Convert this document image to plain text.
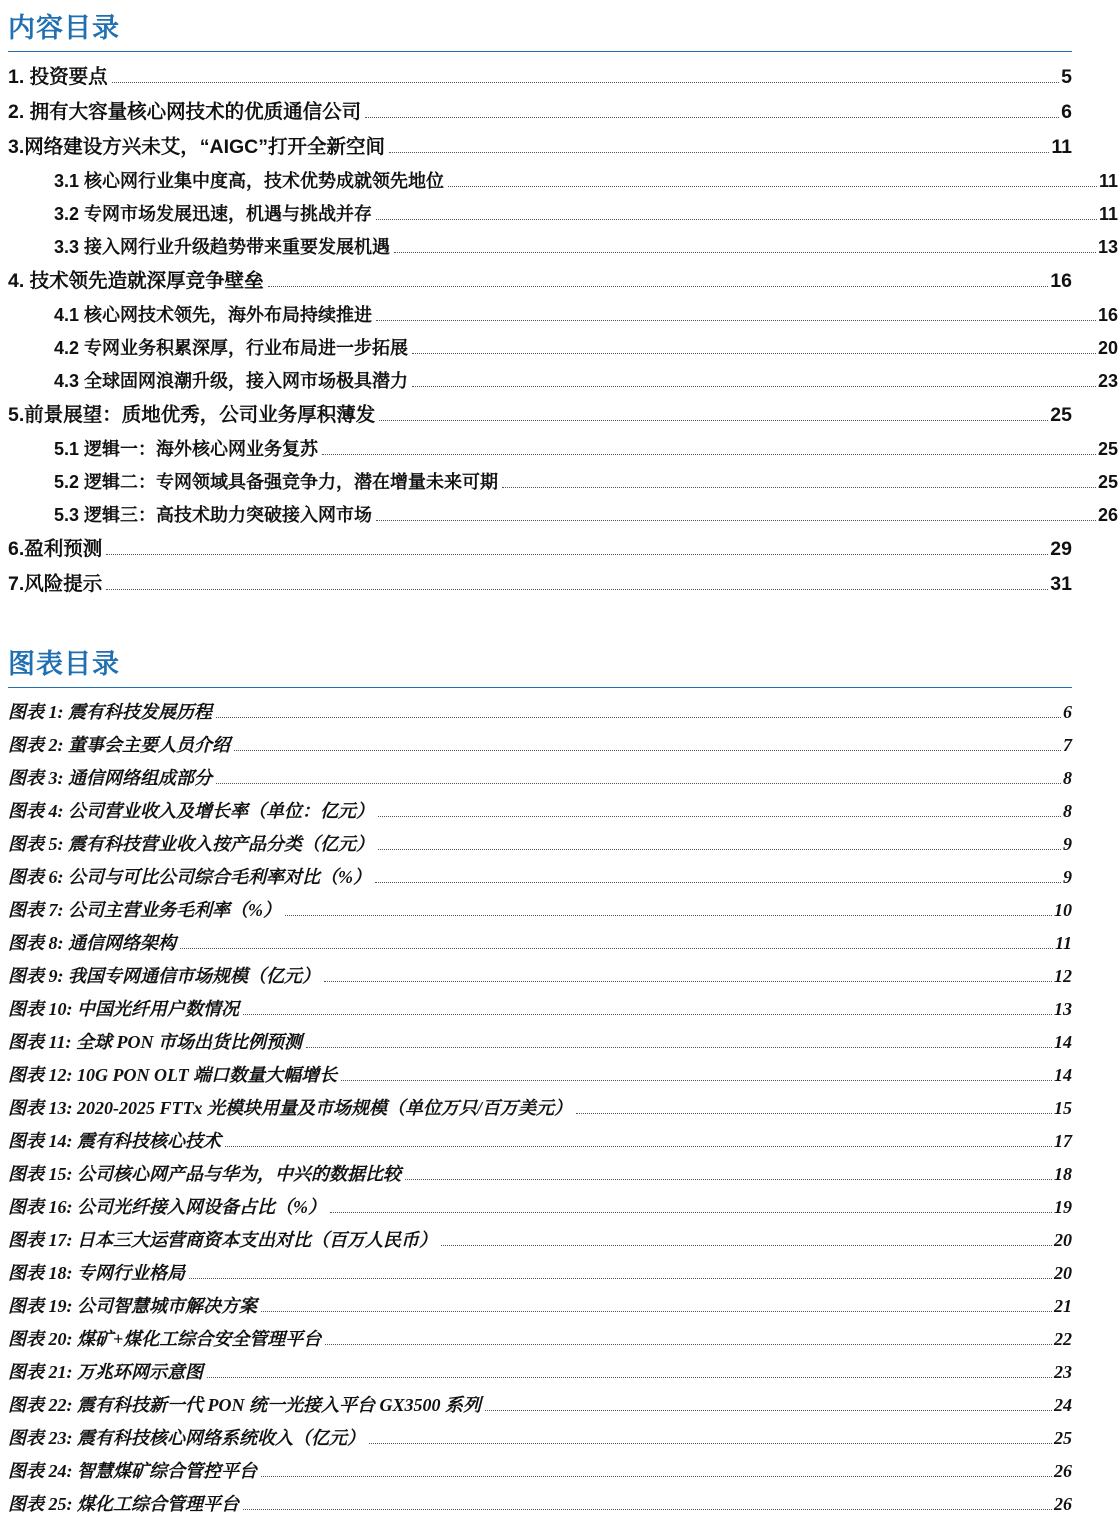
内容目录
1. 投资要点	5
2. 拥有大容量核心网技术的优质通信公司	6
3.网络建设方兴未艾，“AIGC”打开全新空间	11
3.1 核心网行业集中度高，技术优势成就领先地位	11
3.2 专网市场发展迅速，机遇与挑战并存	11
3.3 接入网行业升级趋势带来重要发展机遇	13
4. 技术领先造就深厚竞争壁垒	16
4.1 核心网技术领先，海外布局持续推进	16
4.2 专网业务积累深厚，行业布局进一步拓展	20
4.3 全球固网浪潮升级，接入网市场极具潜力	23
5.前景展望：质地优秀，公司业务厚积薄发	25
5.1 逻辑一：海外核心网业务复苏	25
5.2 逻辑二：专网领域具备强竞争力，潜在增量未来可期	25
5.3 逻辑三：高技术助力突破接入网市场	26
6.盈利预测	29
7.风险提示	31
图表目录
图表 1: 震有科技发展历程	6
图表 2: 董事会主要人员介绍	7
图表 3: 通信网络组成部分	8
图表 4: 公司营业收入及增长率（单位：亿元）	8
图表 5: 震有科技营业收入按产品分类（亿元）	9
图表 6: 公司与可比公司综合毛利率对比（%）	9
图表 7: 公司主营业务毛利率（%）	10
图表 8: 通信网络架构	11
图表 9: 我国专网通信市场规模（亿元）	12
图表 10: 中国光纤用户数情况	13
图表 11: 全球 PON 市场出货比例预测	14
图表 12: 10G PON OLT 端口数量大幅增长	14
图表 13: 2020-2025 FTTx 光模块用量及市场规模（单位万只/百万美元）	15
图表 14: 震有科技核心技术	17
图表 15: 公司核心网产品与华为，中兴的数据比较	18
图表 16: 公司光纤接入网设备占比（%）	19
图表 17: 日本三大运营商资本支出对比（百万人民币）	20
图表 18: 专网行业格局	20
图表 19: 公司智慧城市解决方案	21
图表 20: 煤矿+煤化工综合安全管理平台	22
图表 21: 万兆环网示意图	23
图表 22: 震有科技新一代 PON 统一光接入平台 GX3500 系列	24
图表 23: 震有科技核心网络系统收入（亿元）	25
图表 24: 智慧煤矿综合管控平台	26
图表 25: 煤化工综合管理平台	26
